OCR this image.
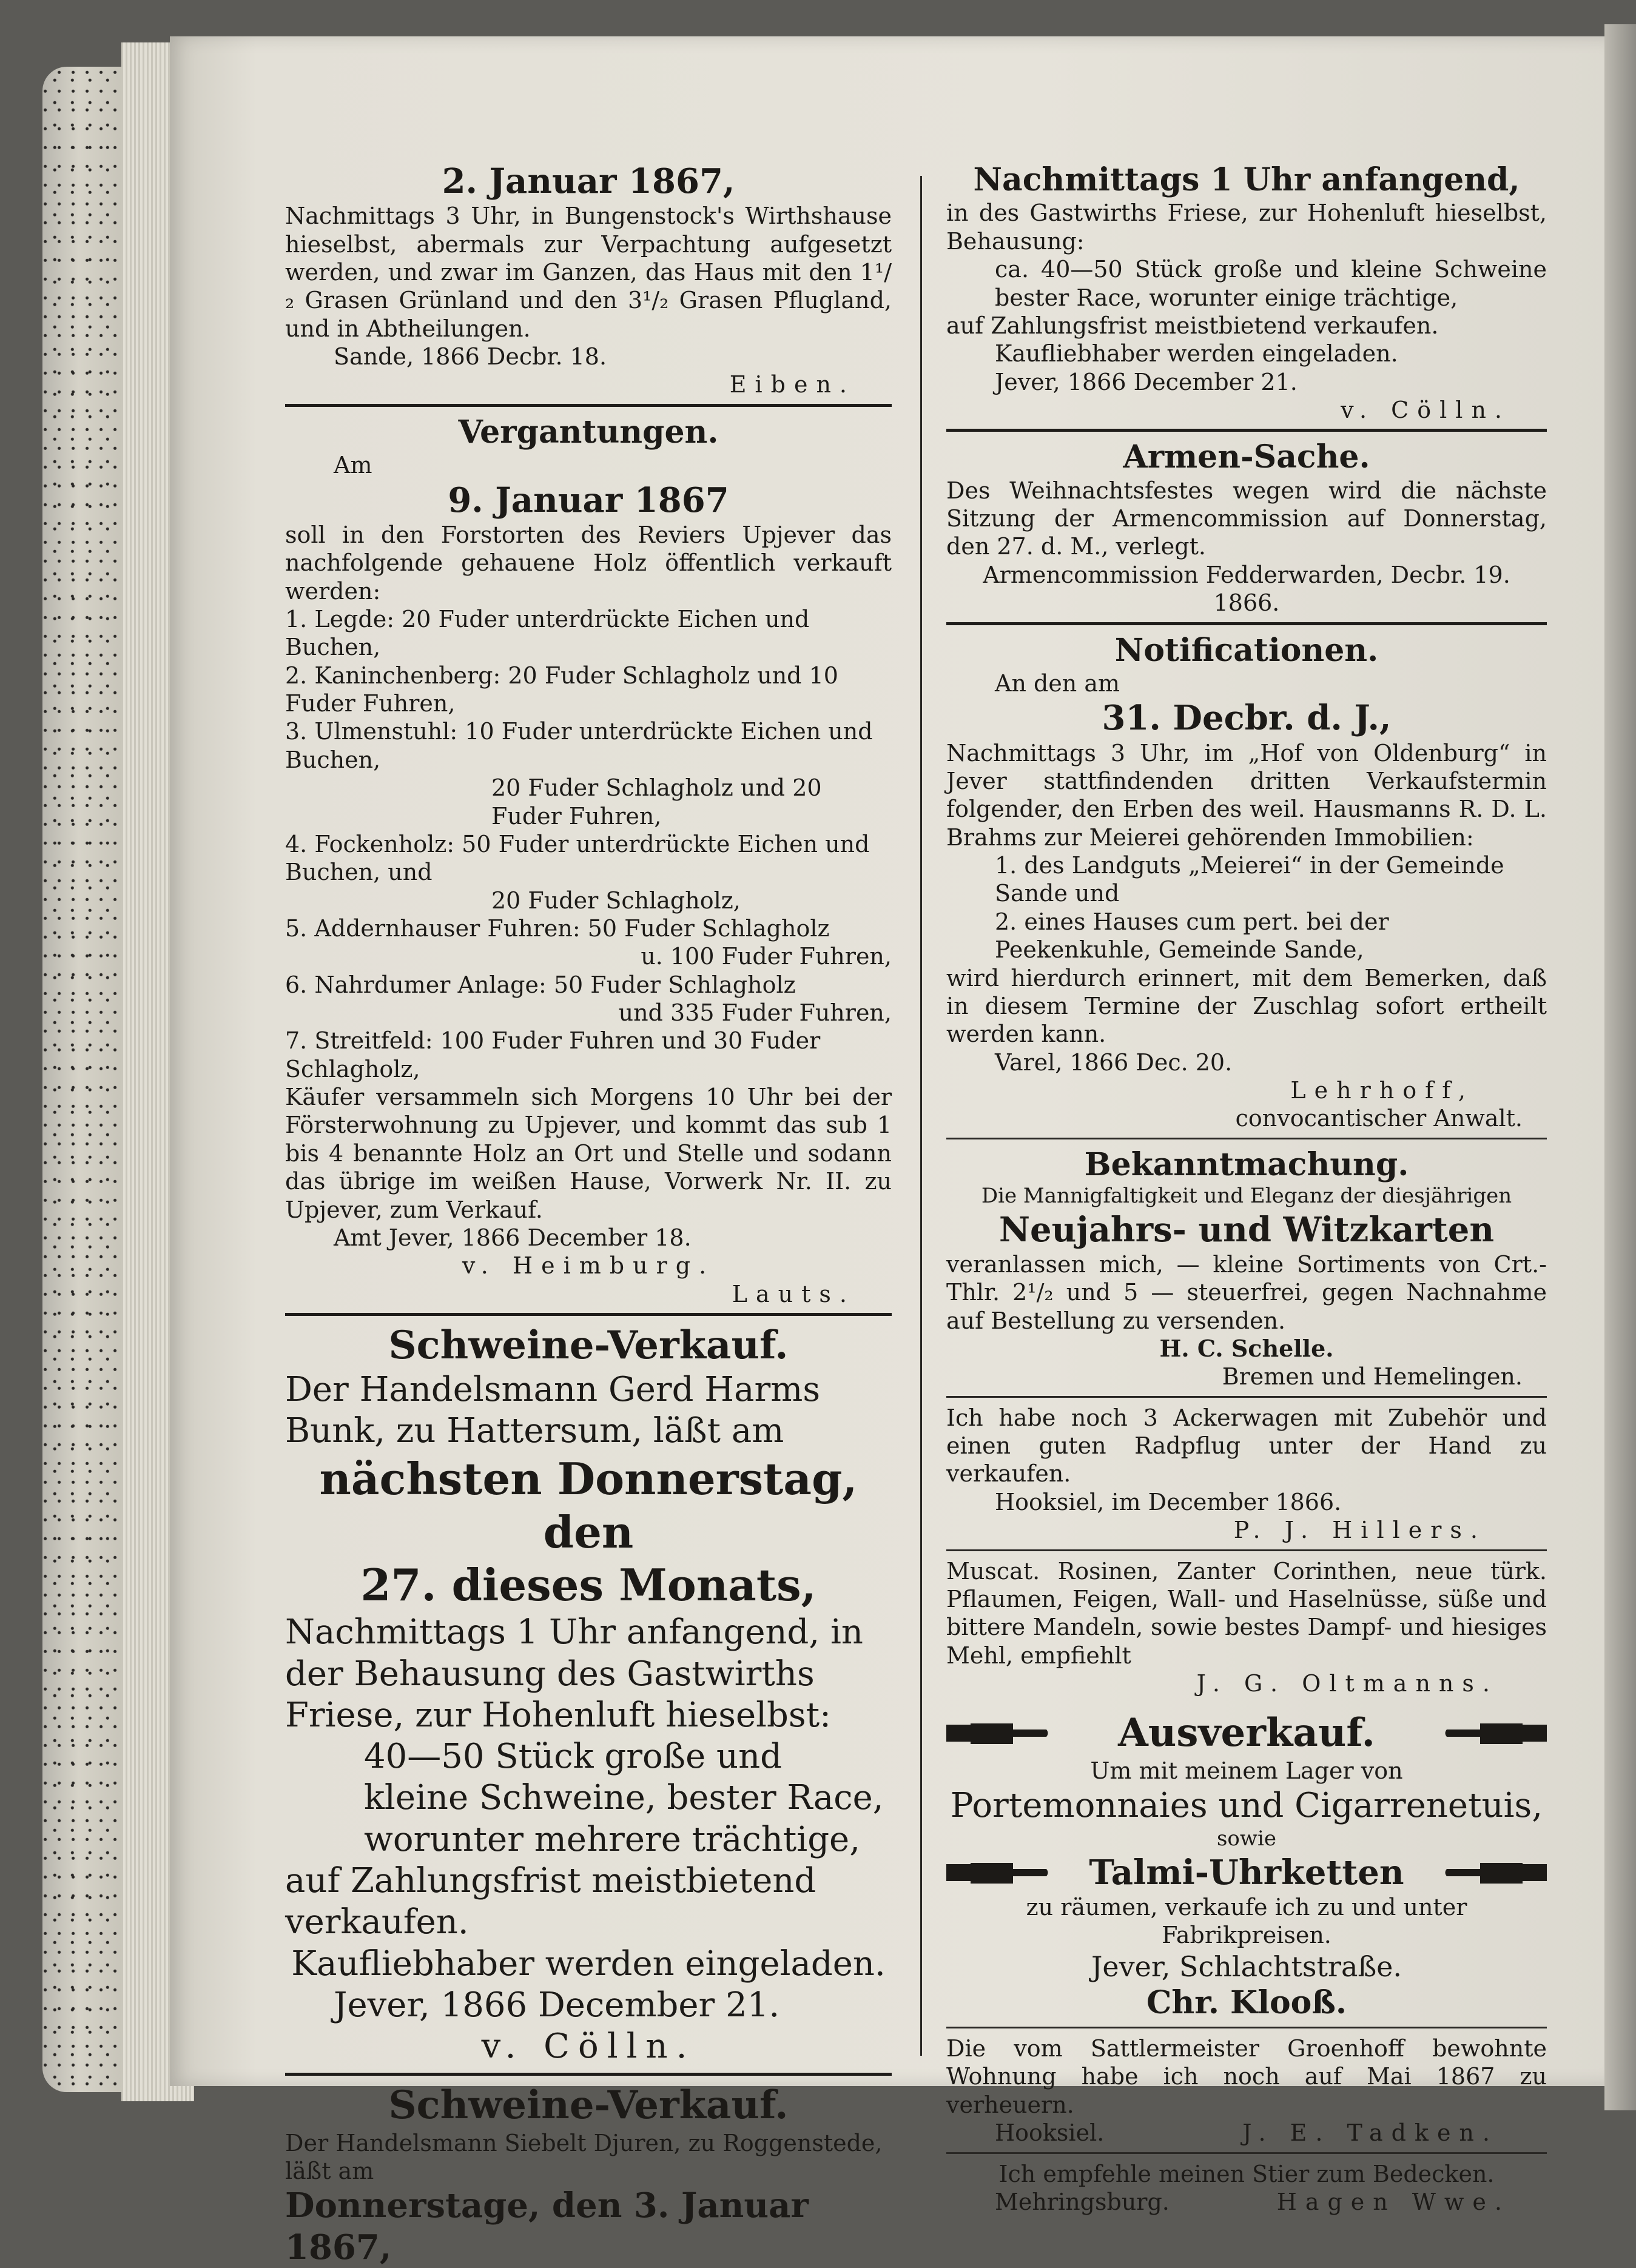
2. Januar 1867,

Nachmittags 3 Uhr, in Bungenstock's Wirthshause hieselbst, abermals zur Verpachtung aufgesetzt werden, und zwar im Ganzen, das Haus mit den 1¹/₂ Grasen Grünland und den 3¹/₂ Grasen Pflugland, und in Abtheilungen.

Sande, 1866 Decbr. 18.

Eiben.

Vergantungen.

Am

9. Januar 1867

soll in den Forstorten des Reviers Upjever das nachfolgende gehauene Holz öffentlich verkauft werden:

1. Legde: 20 Fuder unterdrückte Eichen und Buchen,

2. Kaninchenberg: 20 Fuder Schlagholz und 10 Fuder Fuhren,

3. Ulmenstuhl: 10 Fuder unterdrückte Eichen und Buchen,

20 Fuder Schlagholz und 20 Fuder Fuhren,

4. Fockenholz: 50 Fuder unterdrückte Eichen und Buchen, und

20 Fuder Schlagholz,

5. Addernhauser Fuhren: 50 Fuder Schlagholz

u. 100 Fuder Fuhren,

6. Nahrdumer Anlage: 50 Fuder Schlagholz

und 335 Fuder Fuhren,

7. Streitfeld: 100 Fuder Fuhren und 30 Fuder Schlagholz,

Käufer versammeln sich Morgens 10 Uhr bei der Försterwohnung zu Upjever, und kommt das sub 1 bis 4 benannte Holz an Ort und Stelle und sodann das übrige im weißen Hause, Vorwerk Nr. II. zu Upjever, zum Verkauf.

Amt Jever, 1866 December 18.

v. Heimburg.

Lauts.

Schweine-Verkauf.

Der Handelsmann Gerd Harms Bunk, zu Hattersum, läßt am

nächsten Donnerstag, den

27. dieses Monats,

Nachmittags 1 Uhr anfangend, in der Behausung des Gastwirths Friese, zur Hohenluft hieselbst:

40—50 Stück große und kleine Schweine, bester Race, worunter mehrere trächtige,

auf Zahlungsfrist meistbietend verkaufen.

Kaufliebhaber werden eingeladen.

Jever, 1866 December 21.

v. Cölln.

Schweine-Verkauf.

Der Handelsmann Siebelt Djuren, zu Roggenstede, läßt am

Donnerstage, den 3. Januar 1867,

Nachmittags 1 Uhr anfangend,

in des Gastwirths Friese, zur Hohenluft hieselbst, Behausung:

ca. 40—50 Stück große und kleine Schweine bester Race, worunter einige trächtige,

auf Zahlungsfrist meistbietend verkaufen.

Kaufliebhaber werden eingeladen.

Jever, 1866 December 21.

v. Cölln.

Armen-Sache.

Des Weihnachtsfestes wegen wird die nächste Sitzung der Armencommission auf Donnerstag, den 27. d. M., verlegt.

Armencommission Fedderwarden, Decbr. 19. 1866.

Notificationen.

An den am

31. Decbr. d. J.,

Nachmittags 3 Uhr, im „Hof von Oldenburg“ in Jever stattfindenden dritten Verkaufstermin folgender, den Erben des weil. Hausmanns R. D. L. Brahms zur Meierei gehörenden Immobilien:

1. des Landguts „Meierei“ in der Gemeinde Sande und

2. eines Hauses cum pert. bei der Peekenkuhle, Gemeinde Sande,

wird hierdurch erinnert, mit dem Bemerken, daß in diesem Termine der Zuschlag sofort ertheilt werden kann.

Varel, 1866 Dec. 20.

Lehrhoff,

convocantischer Anwalt.

Bekanntmachung.

Die Mannigfaltigkeit und Eleganz der diesjährigen

Neujahrs- und Witzkarten

veranlassen mich, — kleine Sortiments von Crt.-Thlr. 2¹/₂ und 5 — steuerfrei, gegen Nachnahme auf Bestellung zu versenden.

H. C. Schelle.

Bremen und Hemelingen.

Ich habe noch 3 Ackerwagen mit Zubehör und einen guten Radpflug unter der Hand zu verkaufen.

Hooksiel, im December 1866.

P. J. Hillers.

Muscat. Rosinen, Zanter Corinthen, neue türk. Pflaumen, Feigen, Wall- und Haselnüsse, süße und bittere Mandeln, sowie bestes Dampf- und hiesiges Mehl, empfiehlt

J. G. Oltmanns.

Ausverkauf.

Um mit meinem Lager von

Portemonnaies und Cigarrenetuis,

sowie

Talmi-Uhrketten

zu räumen, verkaufe ich zu und unter Fabrikpreisen.

Jever, Schlachtstraße.

Chr. Klooß.

Die vom Sattlermeister Groenhoff bewohnte Wohnung habe ich noch auf Mai 1867 zu verheuern.

Hooksiel.	J. E. Tadken.

Ich empfehle meinen Stier zum Bedecken.

Mehringsburg.	Hagen Wwe.
